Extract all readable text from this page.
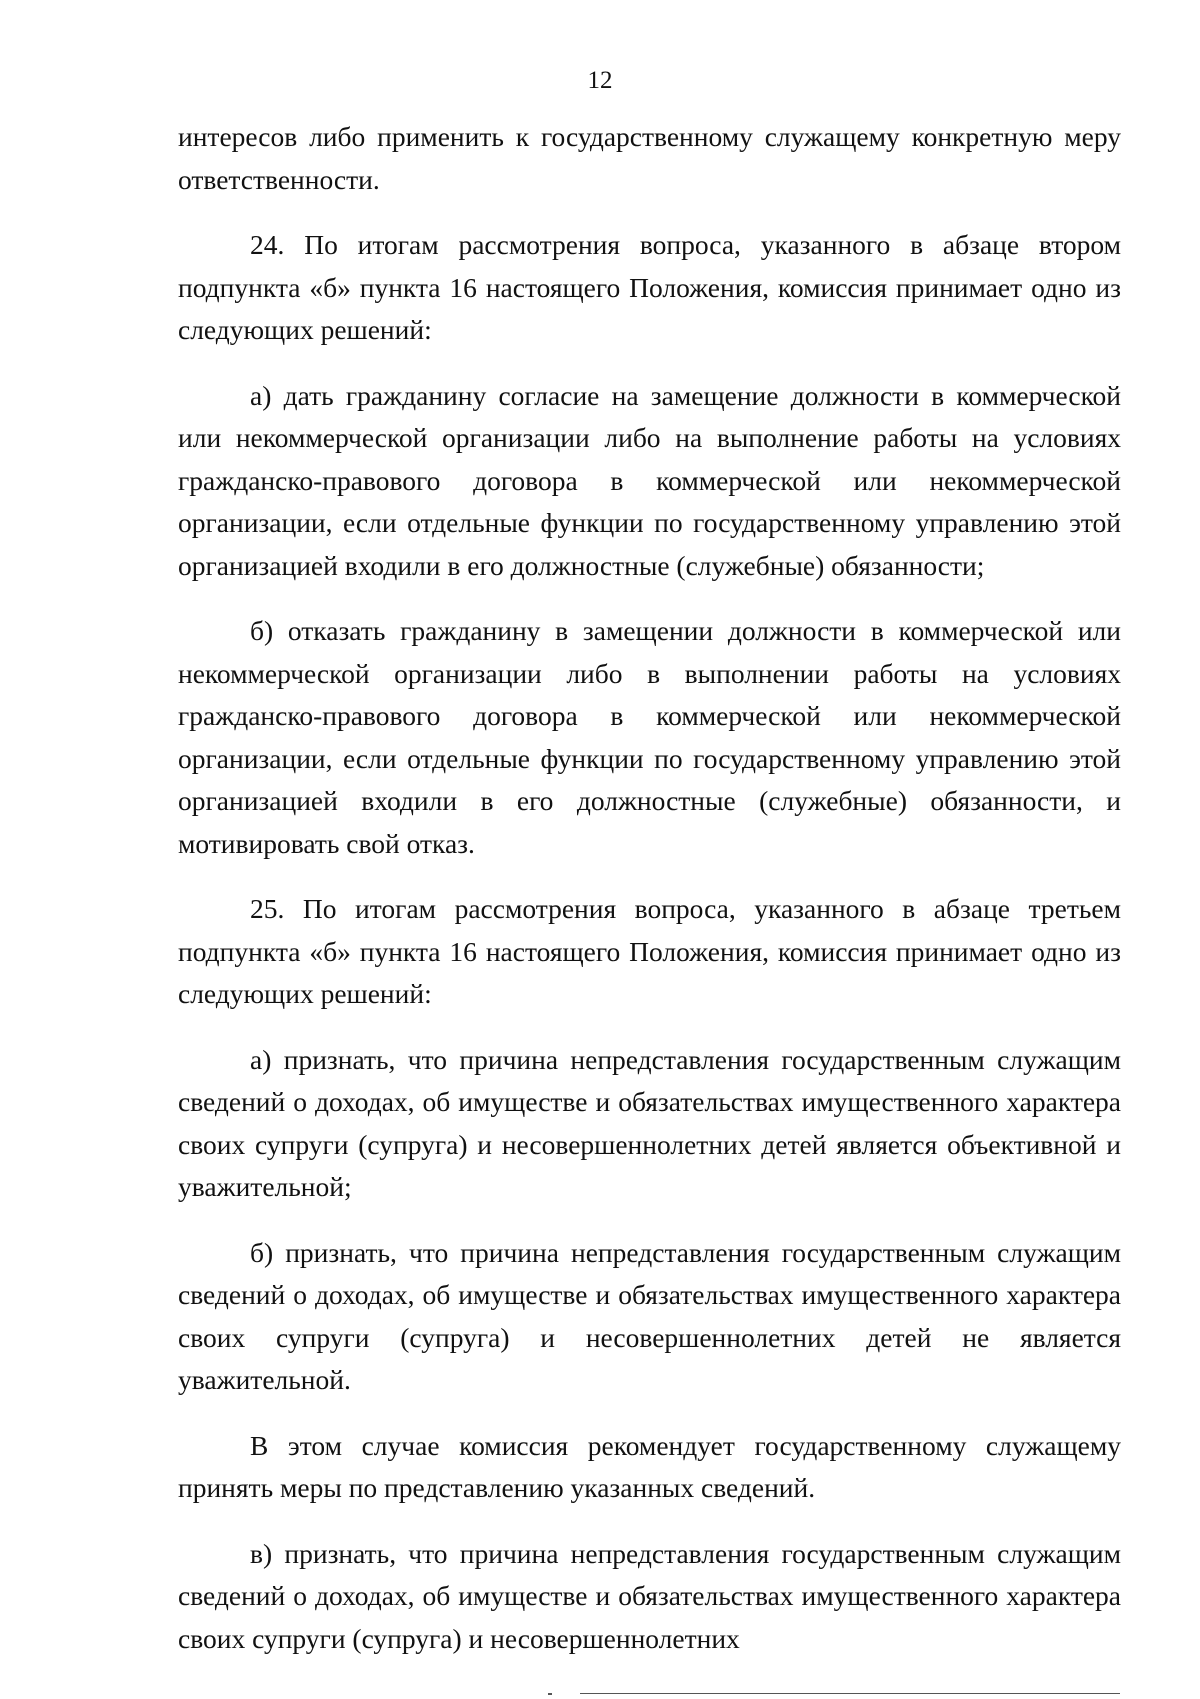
12

интересов либо применить к государственному служащему конкретную меру ответственности.

24. По итогам рассмотрения вопроса, указанного в абзаце втором подпункта «б» пункта 16 настоящего Положения, комиссия принимает одно из следующих решений:

а) дать гражданину согласие на замещение должности в коммерческой или некоммерческой организации либо на выполнение работы на условиях гражданско-правового договора в коммерческой или некоммерческой организации, если отдельные функции по государственному управлению этой организацией входили в его должностные (служебные) обязанности;

б) отказать гражданину в замещении должности в коммерческой или некоммерческой организации либо в выполнении работы на условиях гражданско-правового договора в коммерческой или некоммерческой организации, если отдельные функции по государственному управлению этой организацией входили в его должностные (служебные) обязанности, и мотивировать свой отказ.

25. По итогам рассмотрения вопроса, указанного в абзаце третьем подпункта «б» пункта 16 настоящего Положения, комиссия принимает одно из следующих решений:

а) признать, что причина непредставления государственным служащим сведений о доходах, об имуществе и обязательствах имущественного характера своих супруги (супруга) и несовершеннолетних детей является объективной и уважительной;

б) признать, что причина непредставления государственным служащим сведений о доходах, об имуществе и обязательствах имущественного характера своих супруги (супруга) и несовершеннолетних детей не является уважительной.

В этом случае комиссия рекомендует государственному служащему принять меры по представлению указанных сведений.

в) признать, что причина непредставления государственным служащим сведений о доходах, об имуществе и обязательствах имущественного характера своих супруги (супруга) и несовершеннолетних
